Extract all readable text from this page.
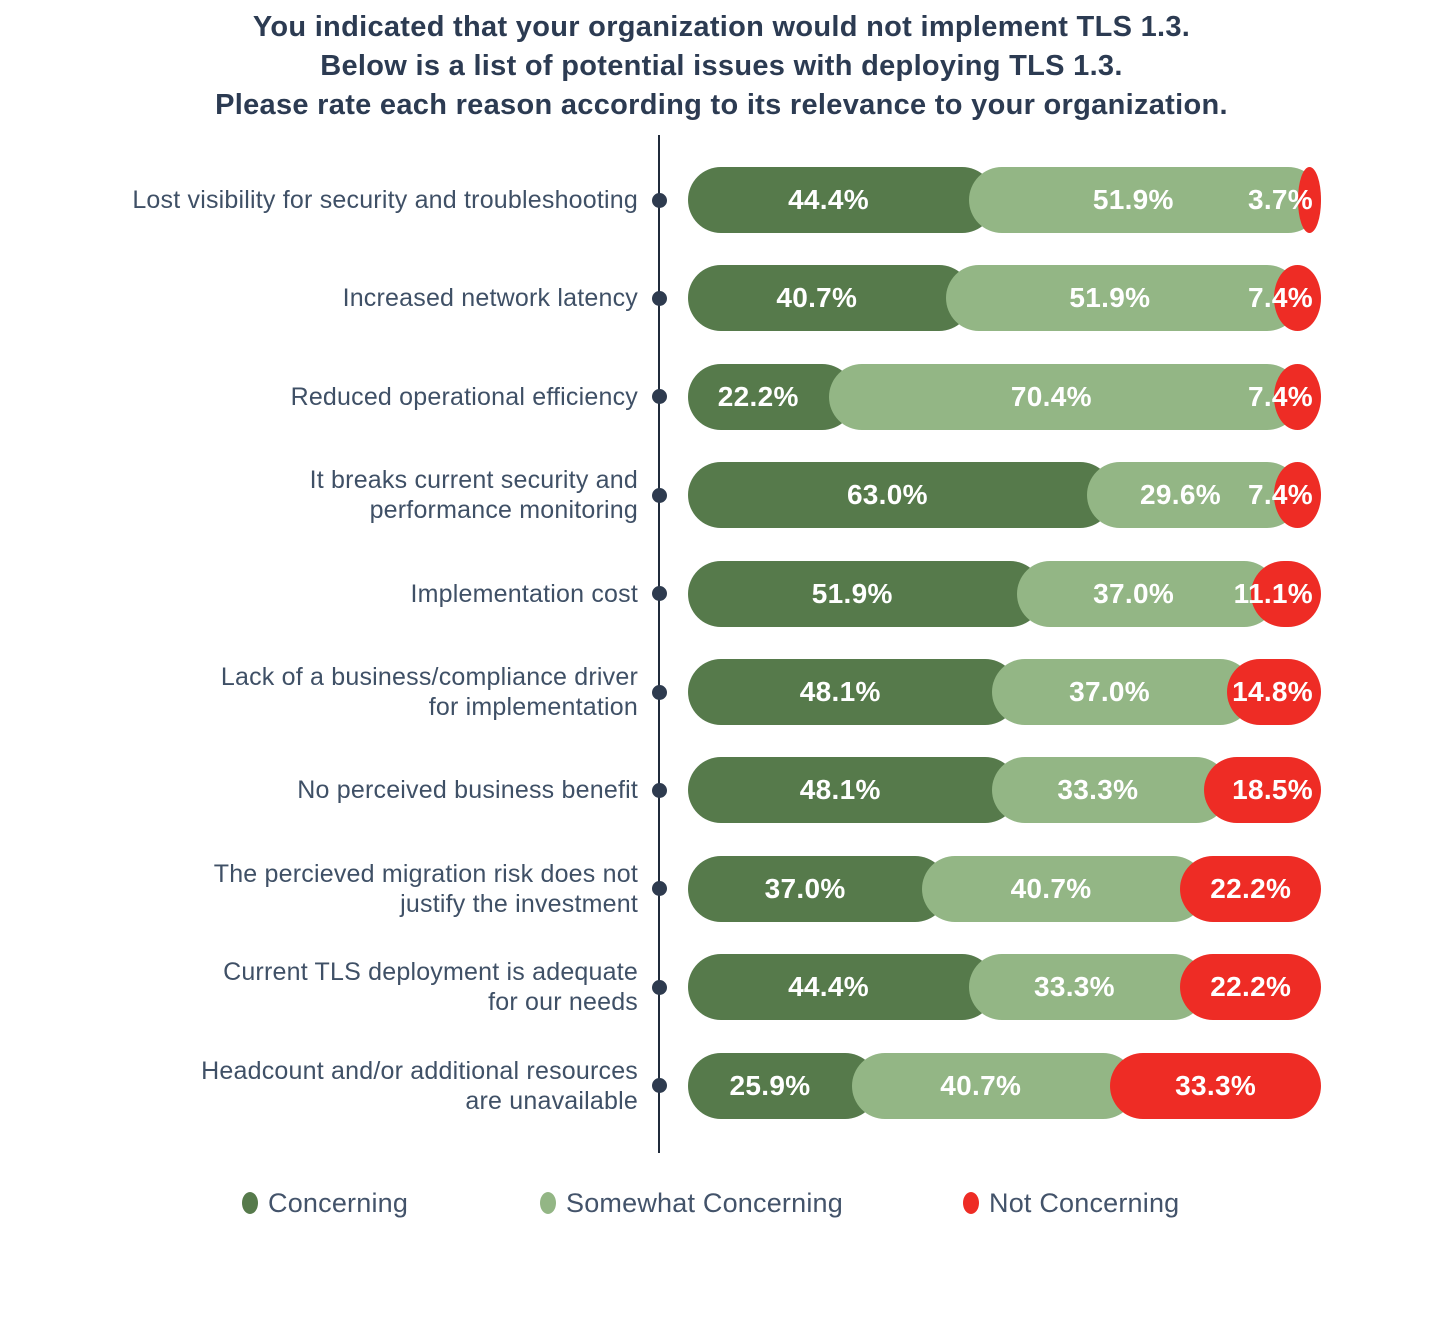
You indicated that your organization would not implement TLS 1.3.
Below is a list of potential issues with deploying TLS 1.3.
Please rate each reason according to its relevance to your organization.
Lost visibility for security and troubleshooting	44.4%	51.9%	3.7%
Increased network latency	40.7%	51.9%	7.4%
Reduced operational efficiency	22.2%	70.4%	7.4%
It breaks current security and
performance monitoring	63.0%	29.6% 7.4%
Implementation cost	51.9%	37.0%	11.1%
Lack of a business/compliance driver
for implementation	48.1%	37.0%	14.8%
No perceived business benefit	48.1%	33.3%	18.5%
The percieved migration risk does not
justify the investment	37.0%	40.7%	22.2%
Current TLS deployment is adequate
for our needs	44.4%	33.3%	22.2%
Headcount and/or additional resources
are unavailable	25.9%	40.7%	33.3%
Concerning	Somewhat Concerning	Not Concerning
